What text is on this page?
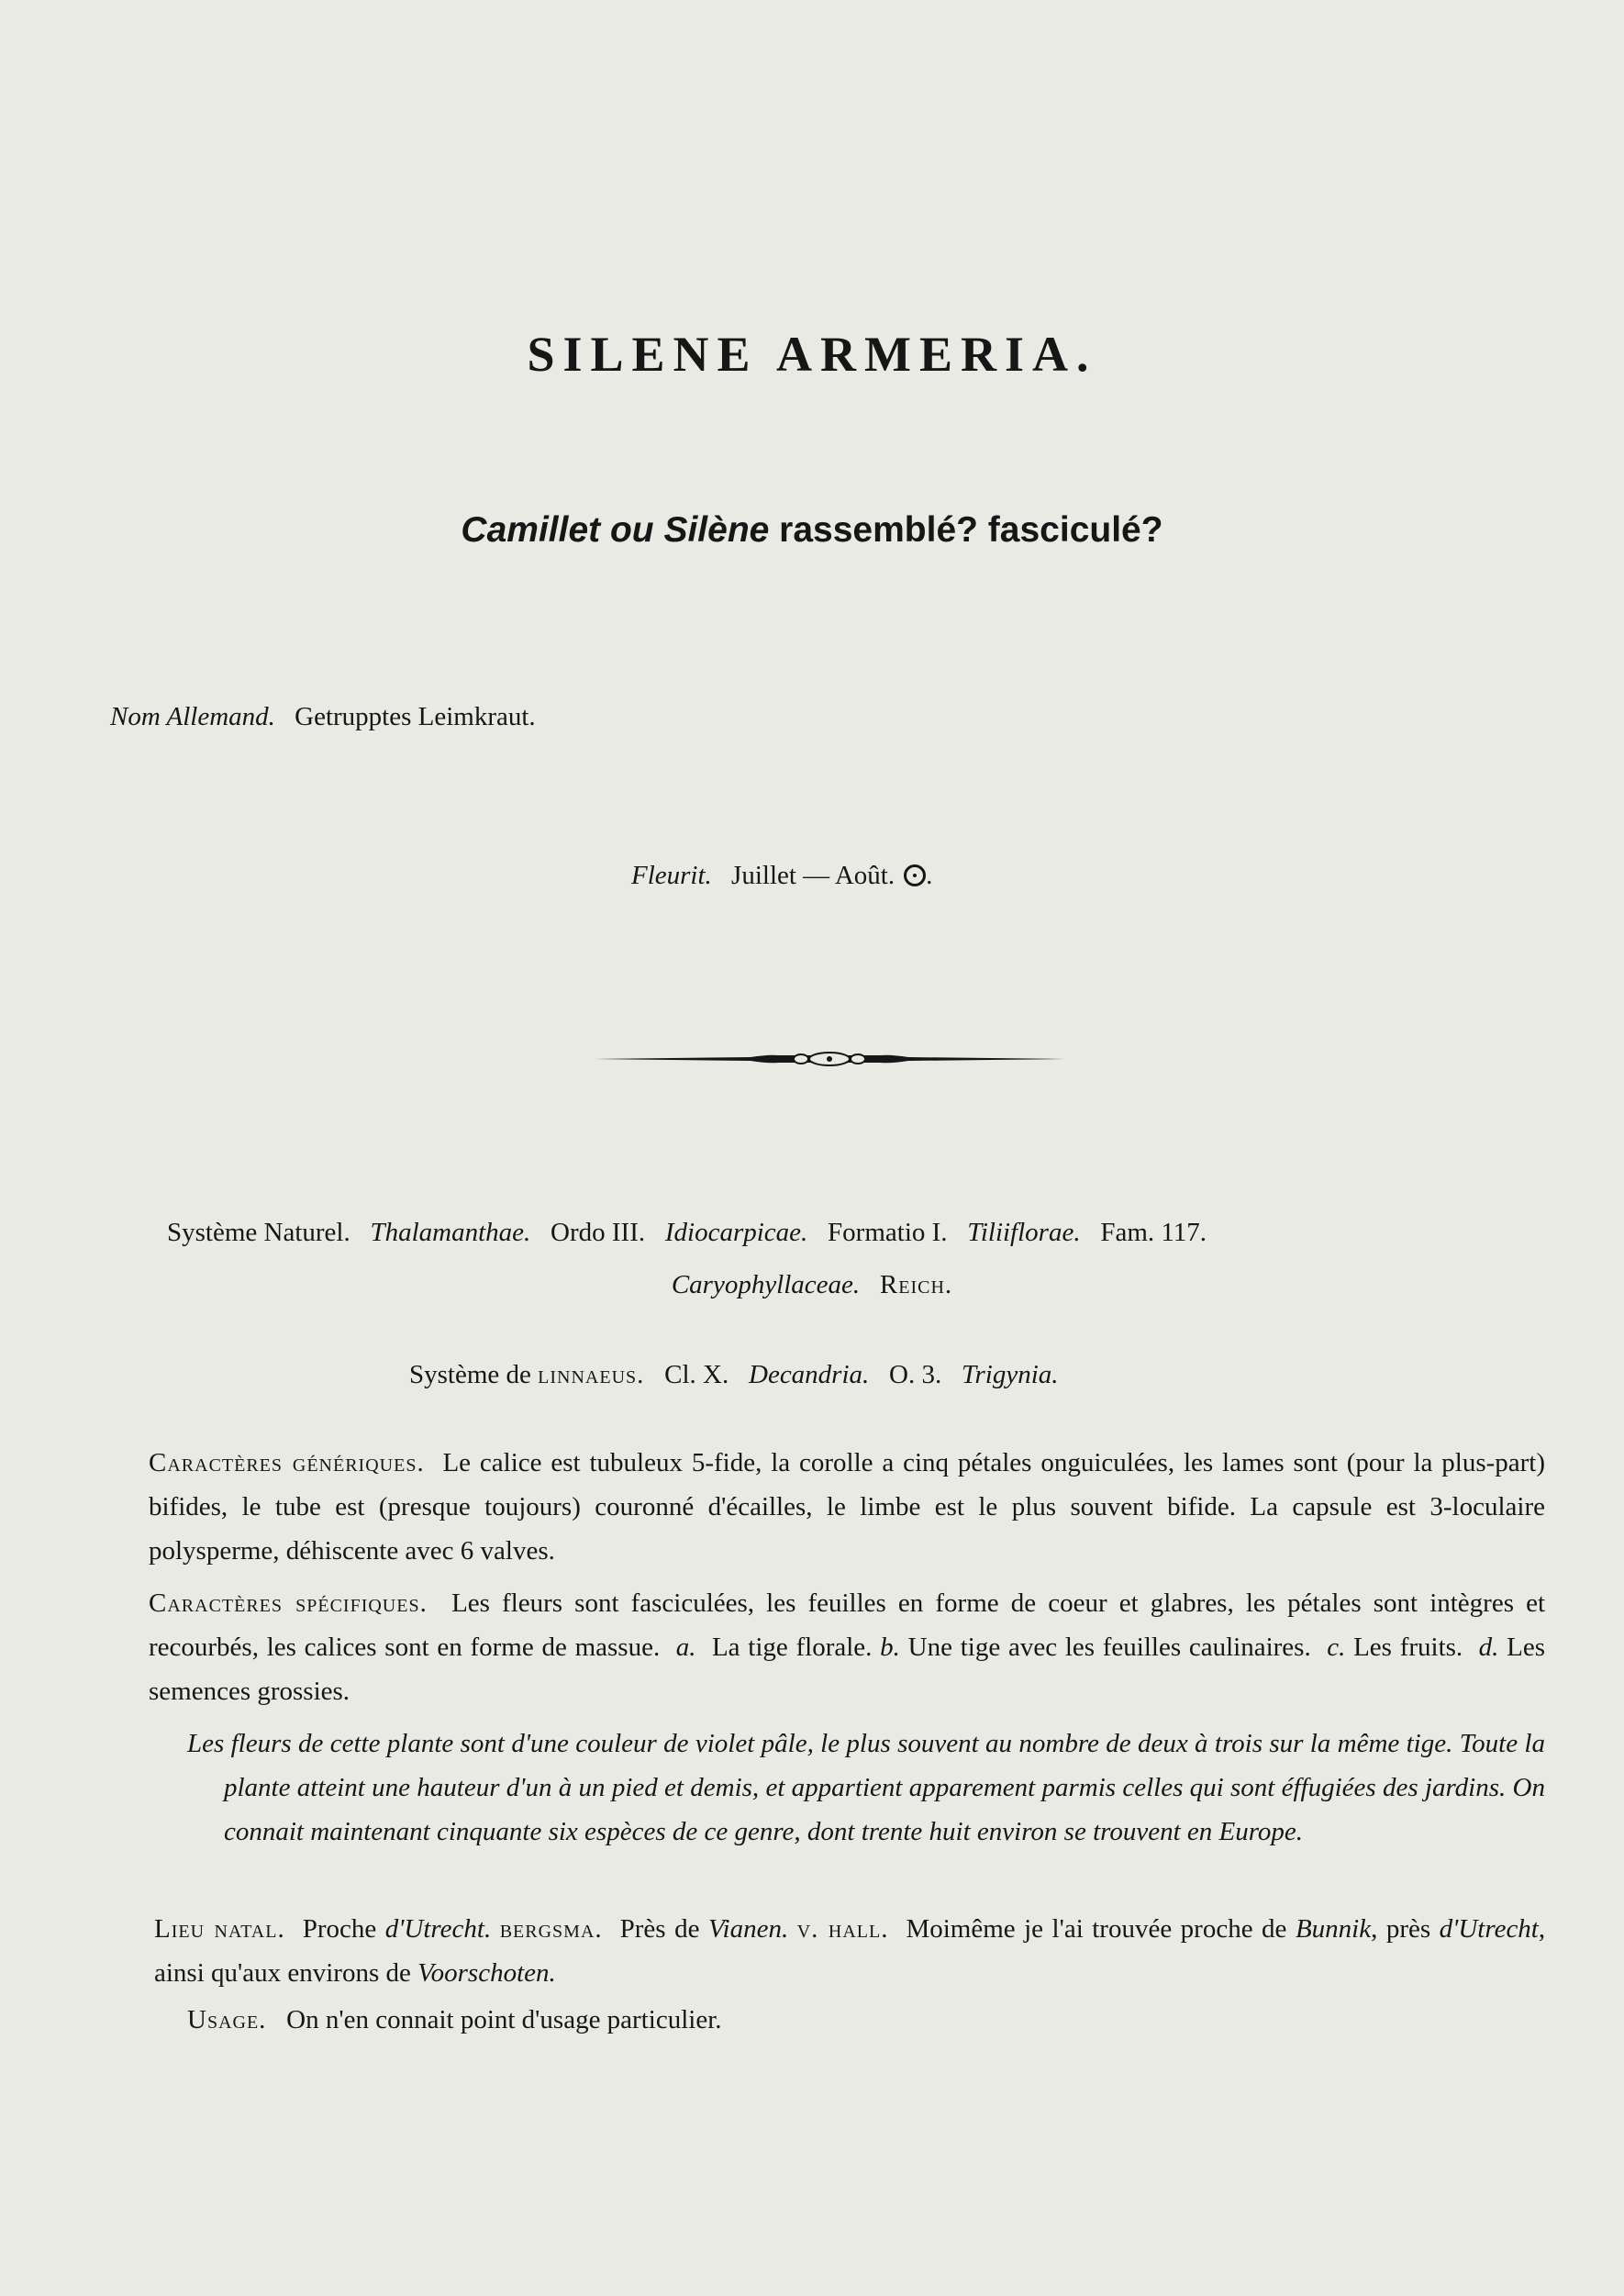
SILENE ARMERIA.
Camillet ou Silène rassemblé? fasciculé?
Nom Allemand. Getrupptes Leimkraut.
Fleurit. Juillet — Août. .
Système Naturel. Thalamanthae. Ordo III. Idiocarpicae. Formatio I. Tiliiflorae. Fam. 117.
Caryophyllaceae. Reich.
Système de linnaeus. Cl. X. Decandria. O. 3. Trigynia.
Caractères génériques. Le calice est tubuleux 5-fide, la corolle a cinq pétales onguiculées, les lames sont (pour la plus-part) bifides, le tube est (presque toujours) couronné d'écailles, le limbe est le plus souvent bifide. La capsule est 3-loculaire polysperme, déhiscente avec 6 valves.
Caractères spécifiques. Les fleurs sont fasciculées, les feuilles en forme de coeur et glabres, les pétales sont intègres et recourbés, les calices sont en forme de massue. a. La tige florale. b. Une tige avec les feuilles caulinaires. c. Les fruits. d. Les semences grossies.
Les fleurs de cette plante sont d'une couleur de violet pâle, le plus souvent au nombre de deux à trois sur la même tige. Toute la plante atteint une hauteur d'un à un pied et demis, et appartient apparement parmis celles qui sont éffugiées des jardins. On connait maintenant cinquante six espèces de ce genre, dont trente huit environ se trouvent en Europe.
Lieu natal. Proche d'Utrecht. bergsma. Près de Vianen. v. hall. Moimême je l'ai trouvée proche de Bunnik, près d'Utrecht, ainsi qu'aux environs de Voorschoten.
Usage. On n'en connait point d'usage particulier.
